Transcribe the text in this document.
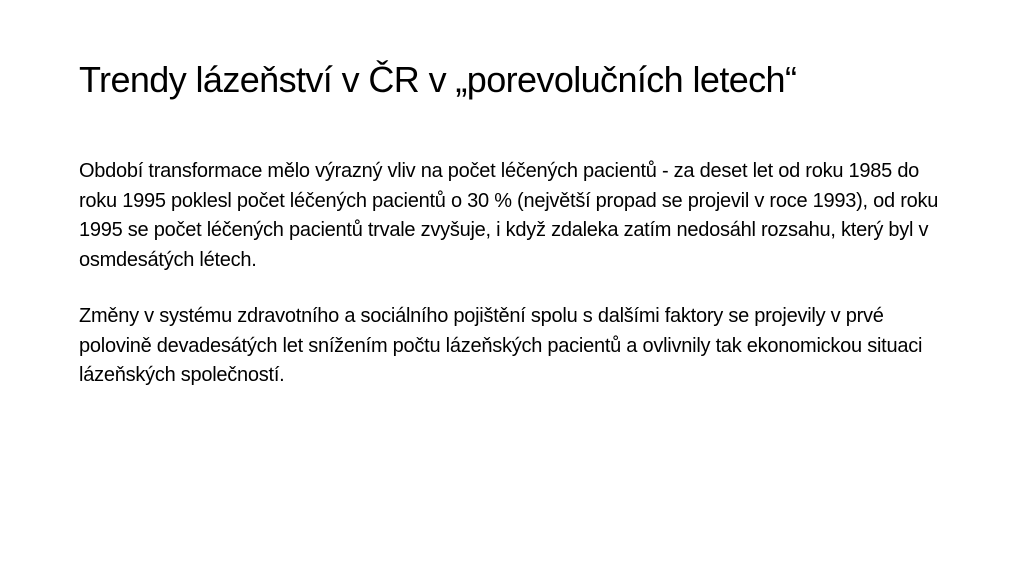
Trendy lázeňství v ČR v „porevolučních letech“

Období transformace mělo výrazný vliv na počet léčených pacientů - za deset let od roku 1985 do roku 1995 poklesl počet léčených pacientů o 30 % (největší propad se projevil v roce 1993), od roku 1995 se počet léčených pacientů trvale zvyšuje, i když zdaleka zatím nedosáhl rozsahu, který byl v osmdesátých létech.

Změny v systému zdravotního a sociálního pojištění spolu s dalšími faktory se projevily v prvé polovině devadesátých let snížením počtu lázeňských pacientů a ovlivnily tak ekonomickou situaci lázeňských společností.
